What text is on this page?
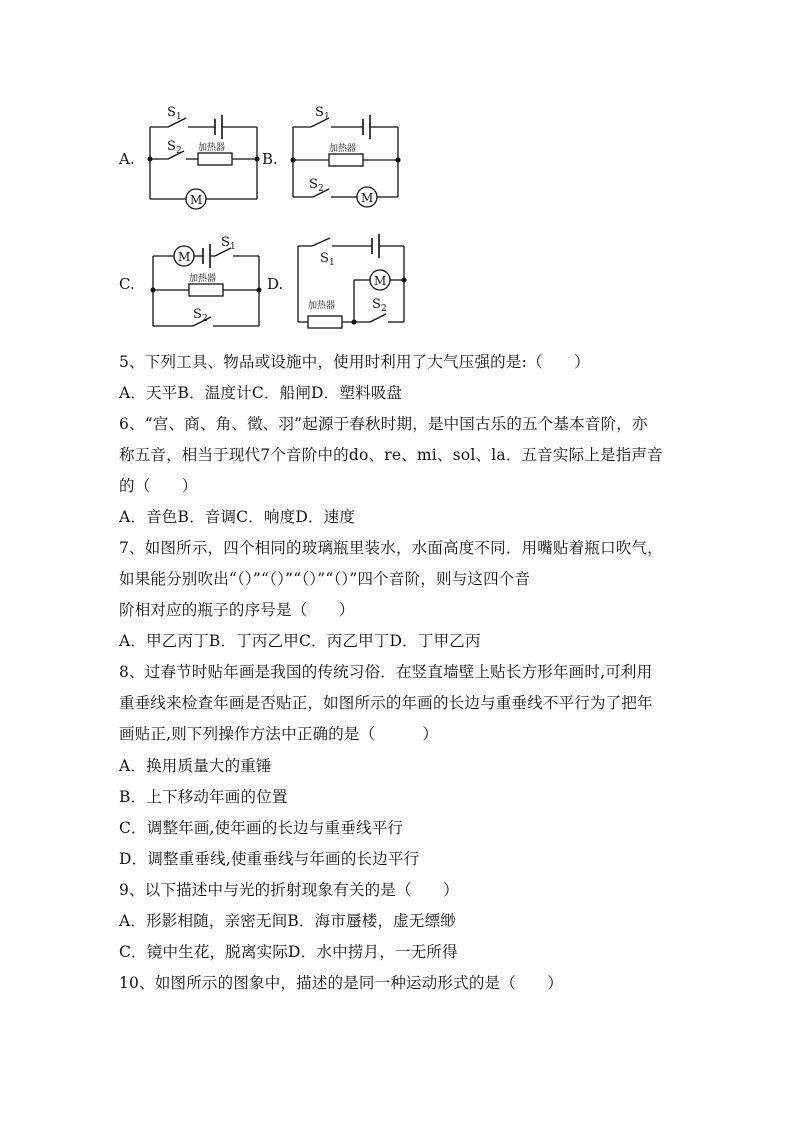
A.	B.
C.	D.
S 1
S 2 加热器
M
S 1
加热器
S 2
M
M
S 1
加热器
S 2
S 1
M
加热器	S 2
5、下列工具、物品或设施中，使用时利用了大气压强的是:（　　）
A．天平B．温度计C．船闸D．塑料吸盘
6、“宫、商、角、徵、羽”起源于春秋时期，是中国古乐的五个基本音阶，亦
称五音，相当于现代7个音阶中的do、re、mi、sol、la．五音实际上是指声音
的（　　）
A．音色B．音调C．响度D．速度
7、如图所示，四个相同的玻璃瓶里装水，水面高度不同．用嘴贴着瓶口吹气，
如果能分别吹出“（）”“（）”“（）”“（）”四个音阶，则与这四个音
阶相对应的瓶子的序号是（　　）
A．甲乙丙丁B．丁丙乙甲C．丙乙甲丁D．丁甲乙丙
8、过春节时贴年画是我国的传统习俗．在竖直墙壁上贴长方形年画时,可利用
重垂线来检查年画是否贴正，如图所示的年画的长边与重垂线不平行为了把年
画贴正,则下列操作方法中正确的是（　　　）
A．换用质量大的重锤
B．上下移动年画的位置
C．调整年画,使年画的长边与重垂线平行
D．调整重垂线,使重垂线与年画的长边平行
9、以下描述中与光的折射现象有关的是（　　）
A．形影相随，亲密无间B．海市蜃楼，虚无缥缈
C．镜中生花，脱离实际D．水中捞月，一无所得
10、如图所示的图象中，描述的是同一种运动形式的是（　　）
